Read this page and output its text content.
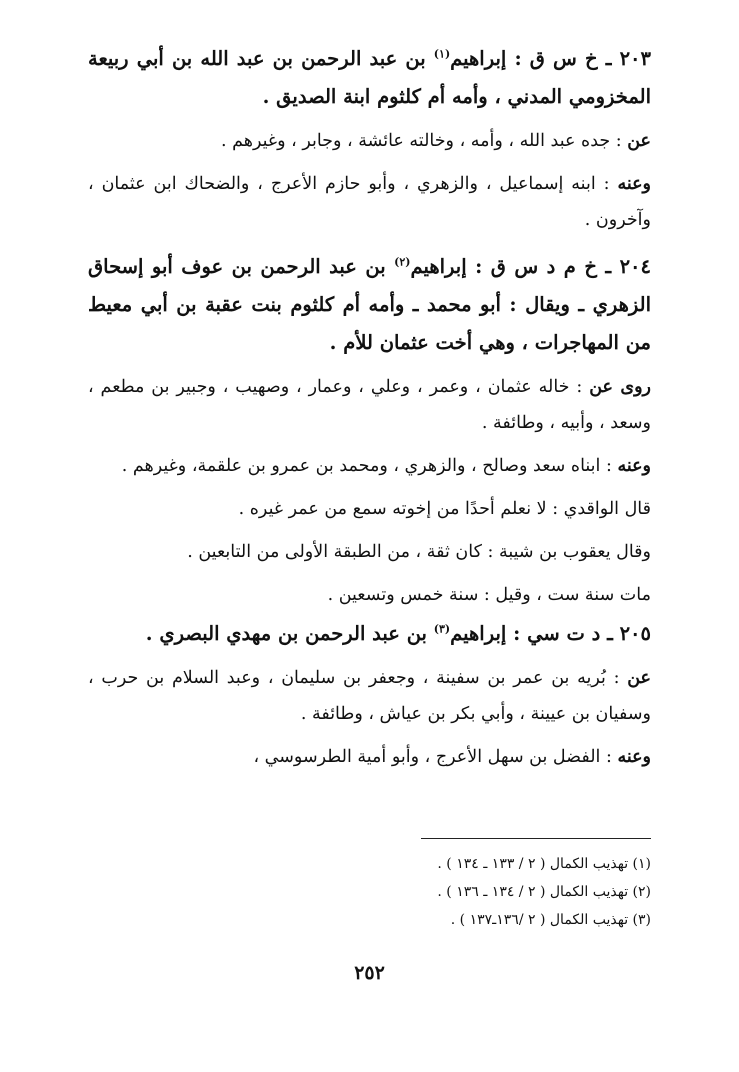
٢٠٣ ـ خ س ق : إبراهيم$^{(١)}$ بن عبد الرحمن بن عبد الله بن أبي ربيعة المخزومي المدني ، وأمه أم كلثوم ابنة الصديق .

عن : جده عبد الله ، وأمه ، وخالته عائشة ، وجابر ، وغيرهم .

وعنه : ابنه إسماعيل ، والزهري ، وأبو حازم الأعرج ، والضحاك ابن عثمان ، وآخرون .

٢٠٤ ـ خ م د س ق : إبراهيم$^{(٢)}$ بن عبد الرحمن بن عوف أبو إسحاق الزهري ـ ويقال : أبو محمد ـ وأمه أم كلثوم بنت عقبة بن أبي معيط من المهاجرات ، وهي أخت عثمان للأم .

روى عن : خاله عثمان ، وعمر ، وعلي ، وعمار ، وصهيب ، وجبير بن مطعم ، وسعد ، وأبيه ، وطائفة .

وعنه : ابناه سعد وصالح ، والزهري ، ومحمد بن عمرو بن علقمة، وغيرهم .

قال الواقدي : لا نعلم أحدًا من إخوته سمع من عمر غيره .

وقال يعقوب بن شيبة : كان ثقة ، من الطبقة الأولى من التابعين .

مات سنة ست ، وقيل : سنة خمس وتسعين .

٢٠٥ ـ د ت سي : إبراهيم$^{(٣)}$ بن عبد الرحمن بن مهدي البصري .

عن : بُريه بن عمر بن سفينة ، وجعفر بن سليمان ، وعبد السلام بن حرب ، وسفيان بن عيينة ، وأبي بكر بن عياش ، وطائفة .

وعنه : الفضل بن سهل الأعرج ، وأبو أمية الطرسوسي ،

(١) تهذيب الكمال ( ٢ / ١٣٣ ـ ١٣٤ ) .

(٢) تهذيب الكمال ( ٢ / ١٣٤ ـ ١٣٦ ) .

(٣) تهذيب الكمال ( ٢ /١٣٦ـ١٣٧ ) .

٢٥٢
